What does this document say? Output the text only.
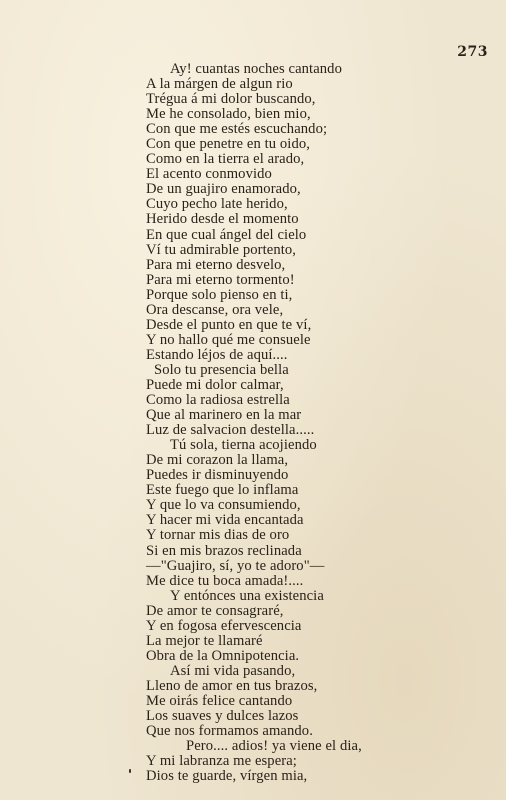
273
Ay! cuantas noches cantando
A la márgen de algun rio
Trégua á mi dolor buscando,
Me he consolado, bien mio,
Con que me estés escuchando;
Con que penetre en tu oido,
Como en la tierra el arado,
El acento conmovido
De un guajiro enamorado,
Cuyo pecho late herido,
Herido desde el momento
En que cual ángel del cielo
Ví tu admirable portento,
Para mi eterno desvelo,
Para mi eterno tormento!
Porque solo pienso en ti,
Ora descanse, ora vele,
Desde el punto en que te ví,
Y no hallo qué me consuele
Estando léjos de aquí....
Solo tu presencia bella
Puede mi dolor calmar,
Como la radiosa estrella
Que al marinero en la mar
Luz de salvacion destella.....
Tú sola, tierna acojiendo
De mi corazon la llama,
Puedes ir disminuyendo
Este fuego que lo inflama
Y que lo va consumiendo,
Y hacer mi vida encantada
Y tornar mis dias de oro
Si en mis brazos reclinada
—"Guajiro, sí, yo te adoro"—
Me dice tu boca amada!....
Y entónces una existencia
De amor te consagraré,
Y en fogosa efervescencia
La mejor te llamaré
Obra de la Omnipotencia.
Así mi vida pasando,
Lleno de amor en tus brazos,
Me oirás felice cantando
Los suaves y dulces lazos
Que nos formamos amando.
Pero.... adios! ya viene el dia,
Y mi labranza me espera;
Dios te guarde, vírgen mia,
